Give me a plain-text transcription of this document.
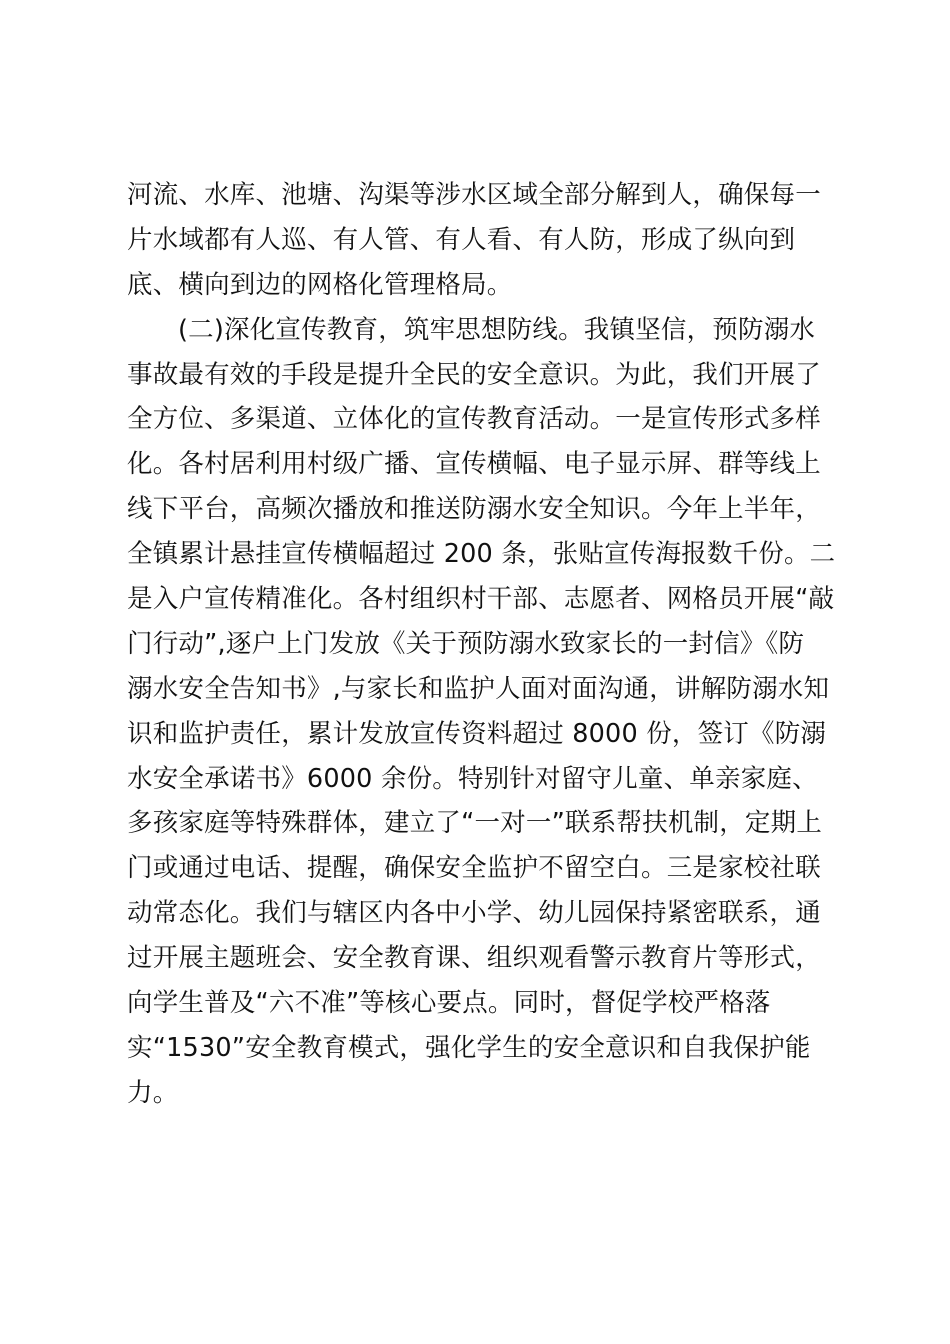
河流、水库、池塘、沟渠等涉水区域全部分解到人，确保每一
片水域都有人巡、有人管、有人看、有人防，形成了纵向到
底、横向到边的网格化管理格局。
(二)深化宣传教育，筑牢思想防线。我镇坚信，预防溺水
事故最有效的手段是提升全民的安全意识。为此，我们开展了
全方位、多渠道、立体化的宣传教育活动。一是宣传形式多样
化。各村居利用村级广播、宣传横幅、电子显示屏、群等线上
线下平台，高频次播放和推送防溺水安全知识。今年上半年，
全镇累计悬挂宣传横幅超过 200 条，张贴宣传海报数千份。二
是入户宣传精准化。各村组织村干部、志愿者、网格员开展“敲
门行动”,逐户上门发放《关于预防溺水致家长的一封信》《防
溺水安全告知书》,与家长和监护人面对面沟通，讲解防溺水知
识和监护责任，累计发放宣传资料超过 8000 份，签订《防溺
水安全承诺书》6000 余份。特别针对留守儿童、单亲家庭、
多孩家庭等特殊群体，建立了“一对一”联系帮扶机制，定期上
门或通过电话、提醒，确保安全监护不留空白。三是家校社联
动常态化。我们与辖区内各中小学、幼儿园保持紧密联系，通
过开展主题班会、安全教育课、组织观看警示教育片等形式，
向学生普及“六不准”等核心要点。同时，督促学校严格落
实“1530”安全教育模式，强化学生的安全意识和自我保护能
力。
